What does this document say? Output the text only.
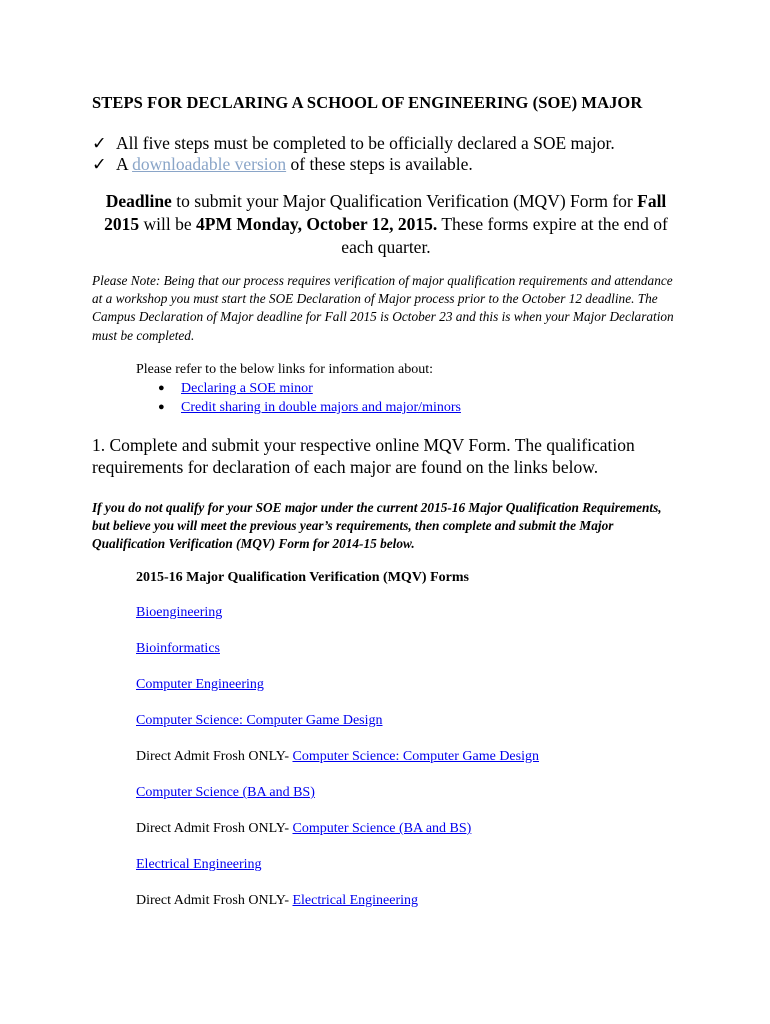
STEPS FOR DECLARING A SCHOOL OF ENGINEERING (SOE) MAJOR
✓ All five steps must be completed to be officially declared a SOE major.
✓ A downloadable version of these steps is available.
Deadline to submit your Major Qualification Verification (MQV) Form for Fall 2015 will be 4PM Monday, October 12, 2015. These forms expire at the end of each quarter.
Please Note: Being that our process requires verification of major qualification requirements and attendance at a workshop you must start the SOE Declaration of Major process prior to the October 12 deadline. The Campus Declaration of Major deadline for Fall 2015 is October 23 and this is when your Major Declaration must be completed.
Please refer to the below links for information about:
● Declaring a SOE minor
● Credit sharing in double majors and major/minors
1. Complete and submit your respective online MQV Form. The qualification requirements for declaration of each major are found on the links below.
If you do not qualify for your SOE major under the current 2015-16 Major Qualification Requirements, but believe you will meet the previous year’s requirements, then complete and submit the Major Qualification Verification (MQV) Form for 2014-15 below.
2015-16 Major Qualification Verification (MQV) Forms
Bioengineering
Bioinformatics
Computer Engineering
Computer Science: Computer Game Design
Direct Admit Frosh ONLY- Computer Science: Computer Game Design
Computer Science (BA and BS)
Direct Admit Frosh ONLY- Computer Science (BA and BS)
Electrical Engineering
Direct Admit Frosh ONLY- Electrical Engineering
